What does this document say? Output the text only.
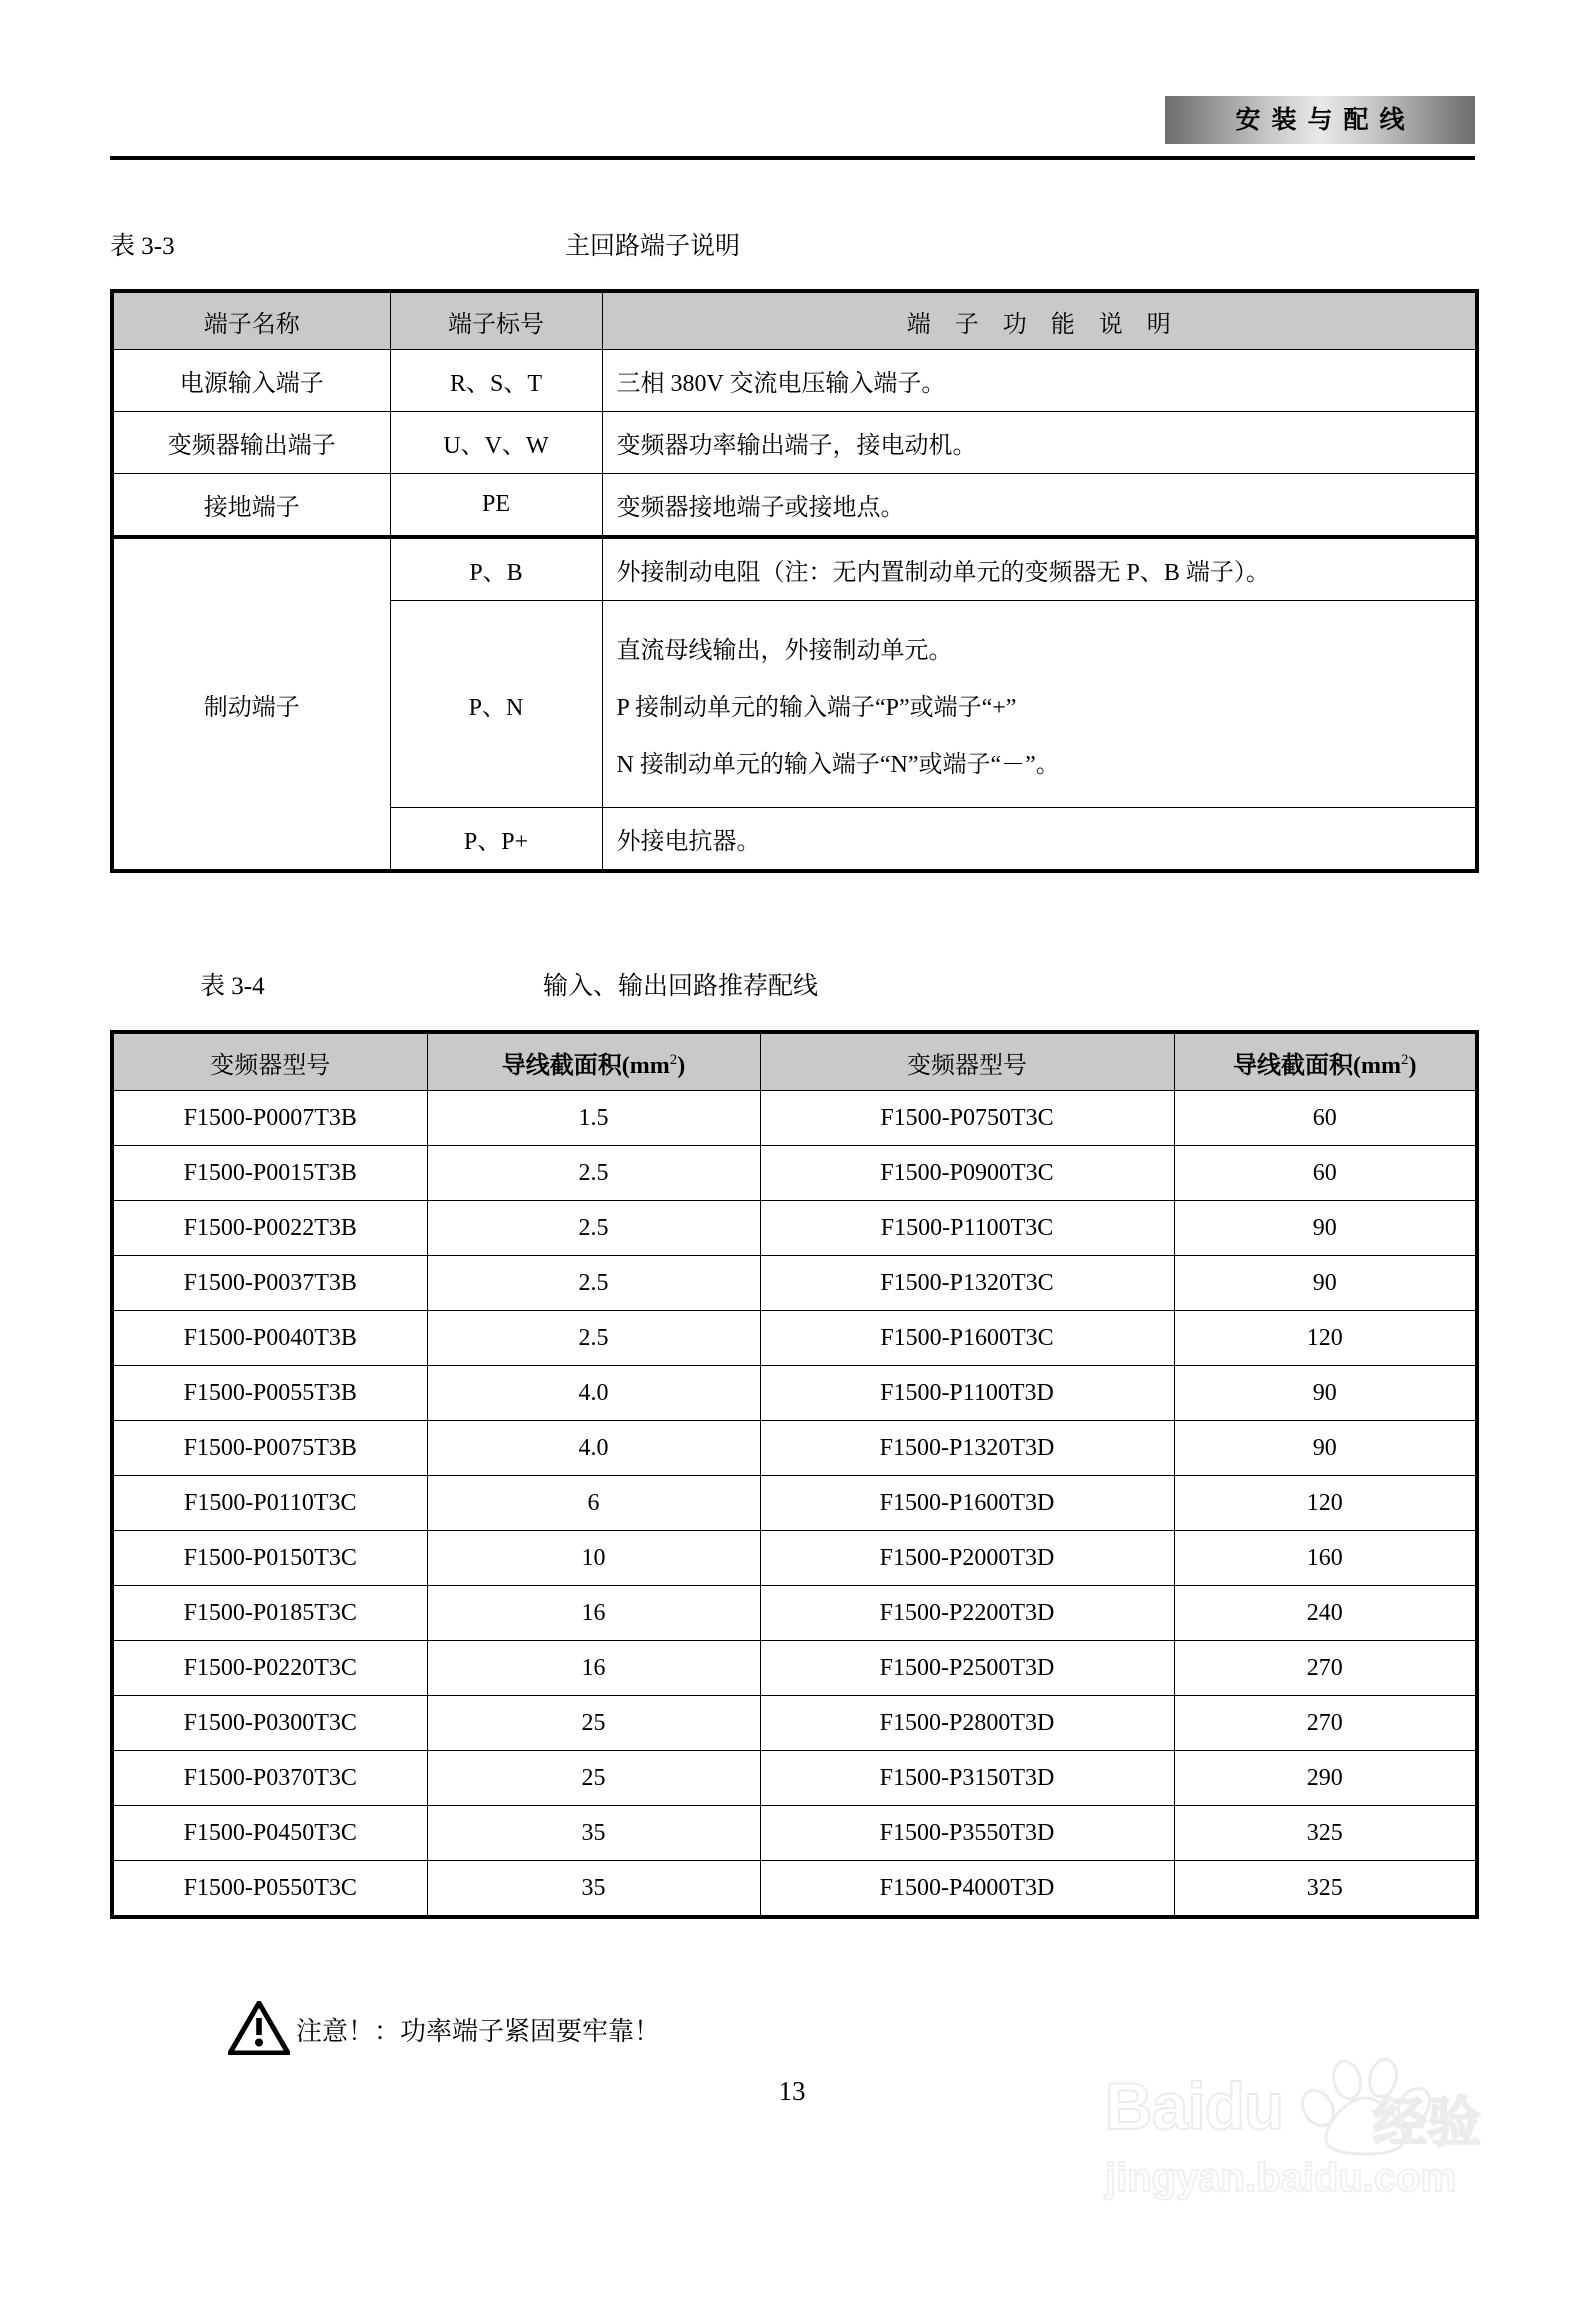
安装与配线
表 3-3	主回路端子说明
端子名称	端子标号	端 子 功 能 说 明
电源输入端子	R、S、T	三相 380V 交流电压输入端子。
变频器输出端子	U、V、W	变频器功率输出端子，接电动机。
接地端子	PE	变频器接地端子或接地点。
制动端子	P、B	外接制动电阻（注：无内置制动单元的变频器无 P、B 端子）。
	P、N	直流母线输出，外接制动单元。

P 接制动单元的输入端子“P”或端子“+”

N 接制动单元的输入端子“N”或端子“－”。

	P、P+	外接电抗器。
表 3-4	输入、输出回路推荐配线
变频器型号	导线截面积$(mm^2)$	变频器型号	导线截面积$(mm^2)$
F1500-P0007T3B	1.5	F1500-P0750T3C	60
F1500-P0015T3B	2.5	F1500-P0900T3C	60
F1500-P0022T3B	2.5	F1500-P1100T3C	90
F1500-P0037T3B	2.5	F1500-P1320T3C	90
F1500-P0040T3B	2.5	F1500-P1600T3C	120
F1500-P0055T3B	4.0	F1500-P1100T3D	90
F1500-P0075T3B	4.0	F1500-P1320T3D	90
F1500-P0110T3C	6	F1500-P1600T3D	120
F1500-P0150T3C	10	F1500-P2000T3D	160
F1500-P0185T3C	16	F1500-P2200T3D	240
F1500-P0220T3C	16	F1500-P2500T3D	270
F1500-P0300T3C	25	F1500-P2800T3D	270
F1500-P0370T3C	25	F1500-P3150T3D	290
F1500-P0450T3C	35	F1500-P3550T3D	325
F1500-P0550T3C	35	F1500-P4000T3D	325
注意！：功率端子紧固要牢靠！
13	Baidu 经验
jingyan.baidu.com
